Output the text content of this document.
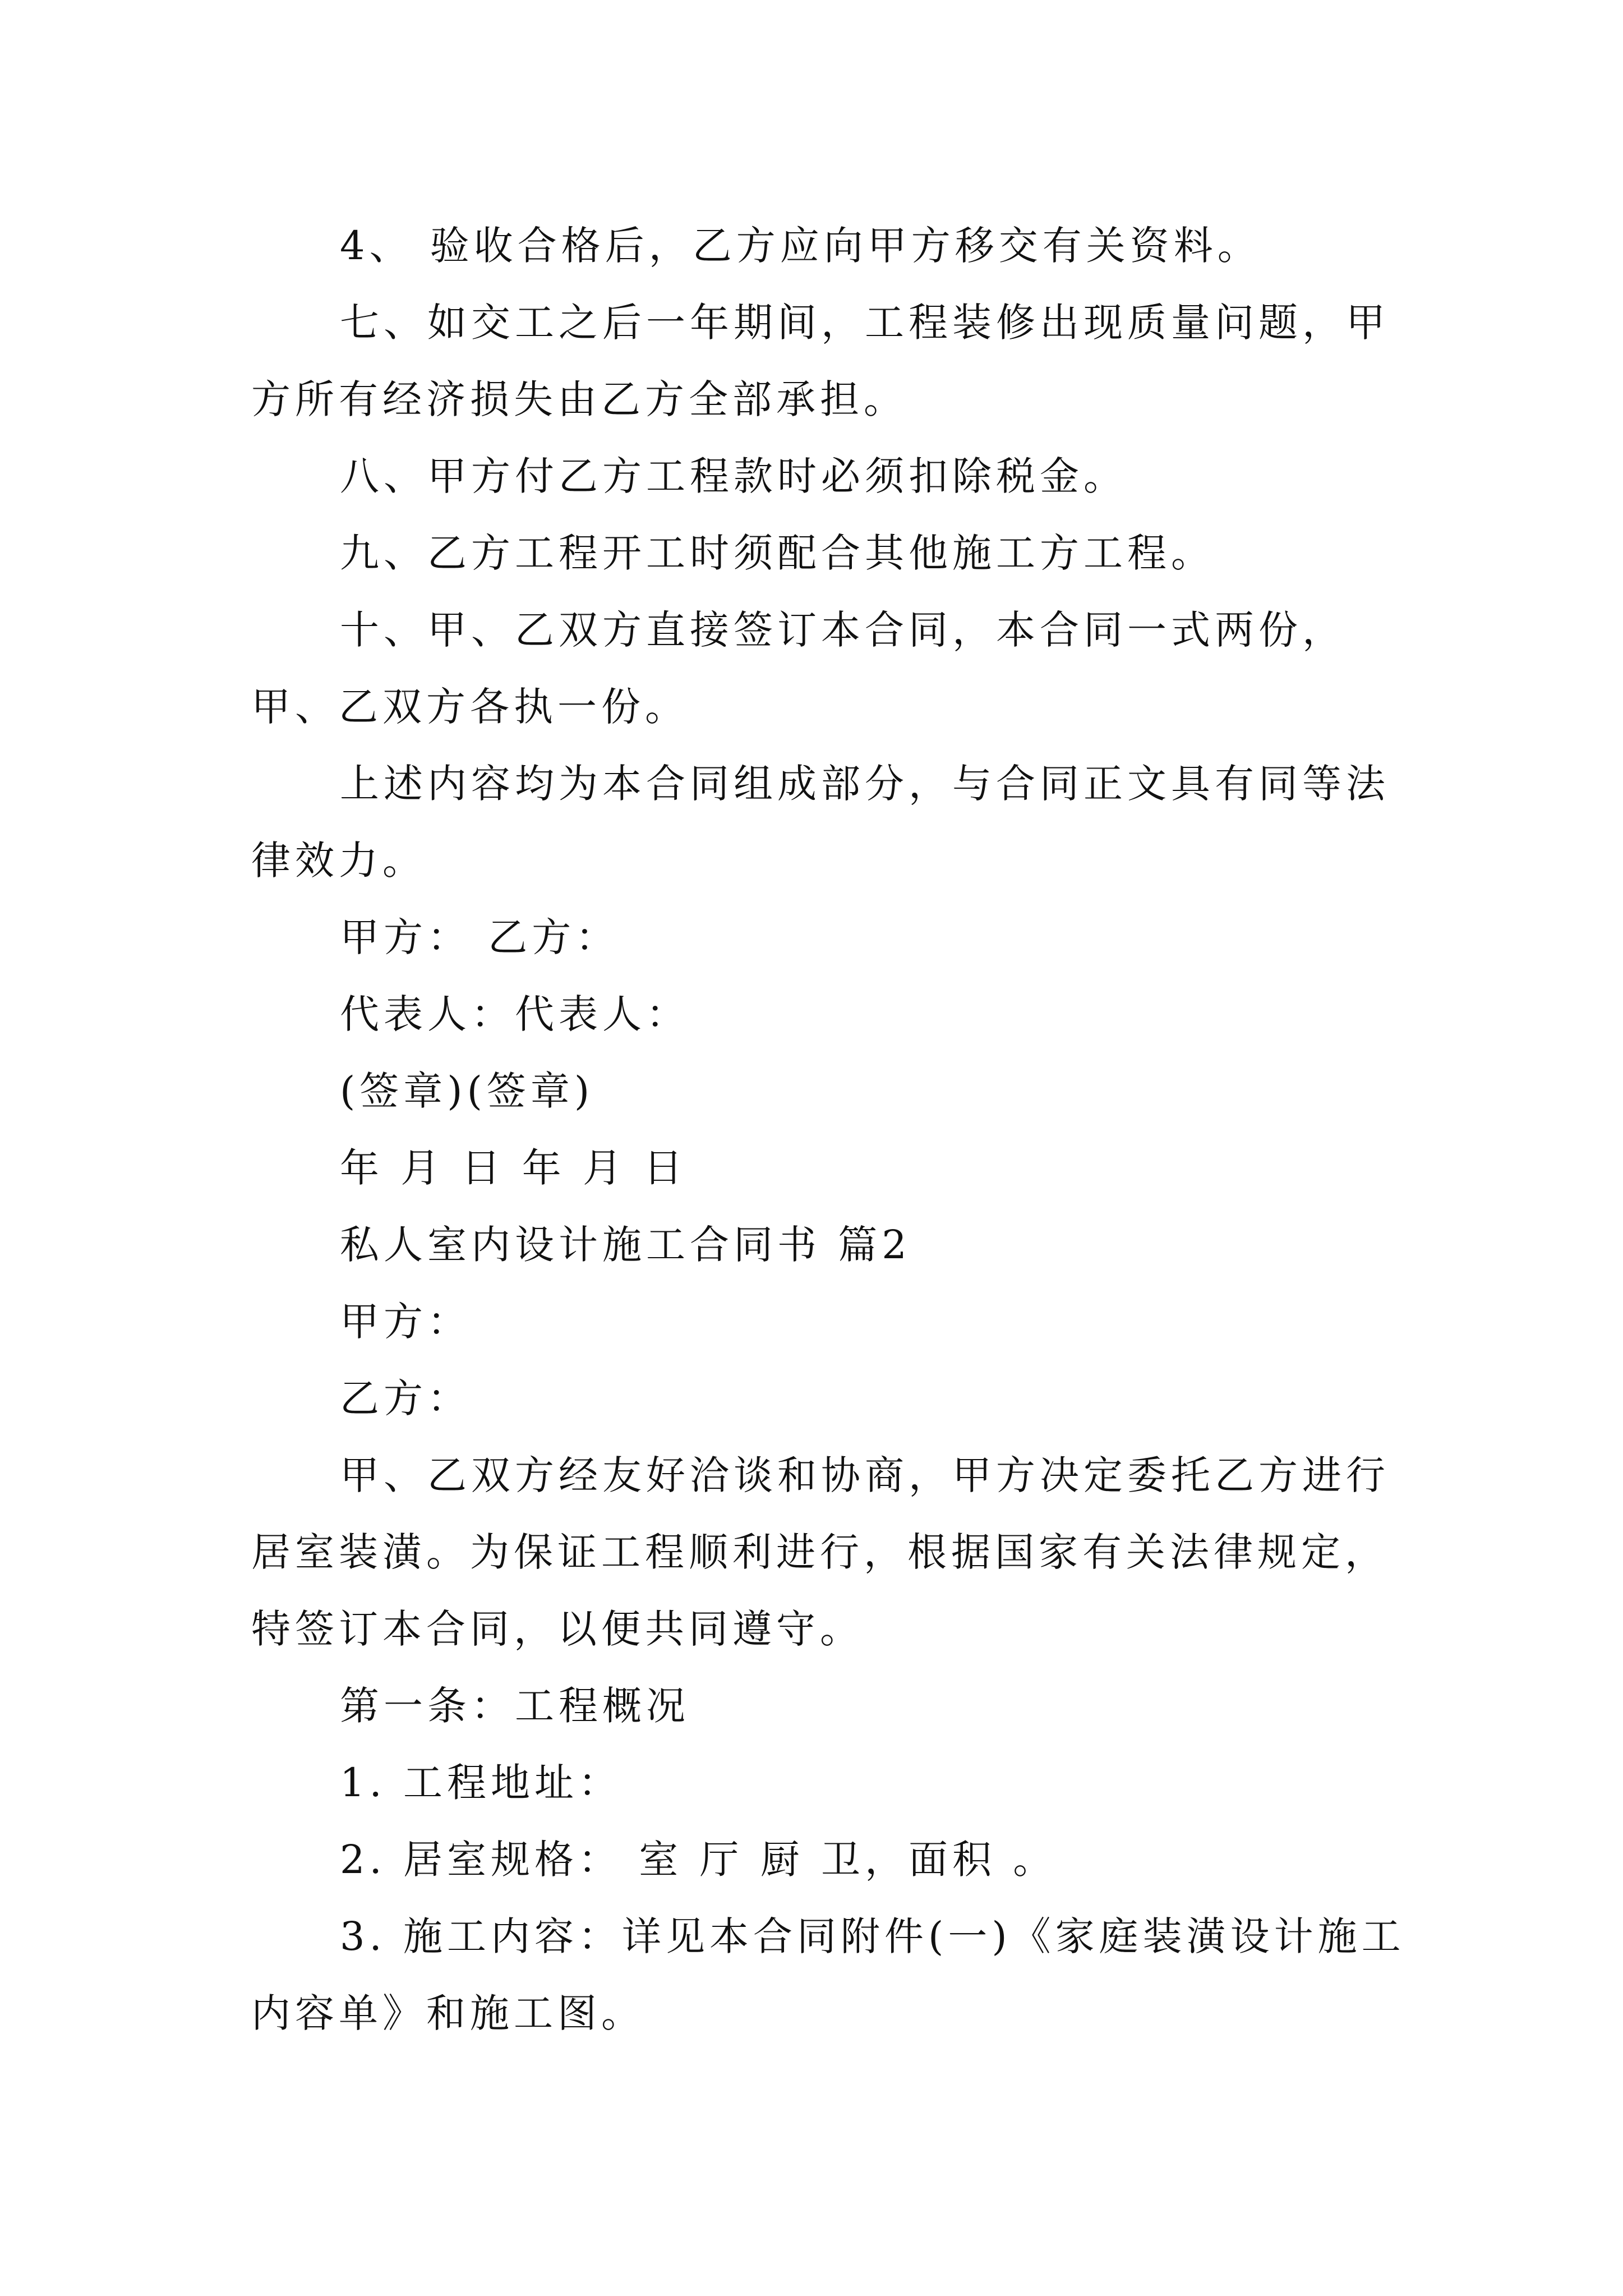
4、 验收合格后，乙方应向甲方移交有关资料。

七、如交工之后一年期间，工程装修出现质量问题，甲方所有经济损失由乙方全部承担。

八、甲方付乙方工程款时必须扣除税金。

九、乙方工程开工时须配合其他施工方工程。

十、甲、乙双方直接签订本合同，本合同一式两份，甲、乙双方各执一份。

上述内容均为本合同组成部分，与合同正文具有同等法律效力。

甲方： 乙方：

代表人：代表人：

(签章)(签章)

年 月 日 年 月 日

私人室内设计施工合同书 篇2

甲方：

乙方：

甲、乙双方经友好洽谈和协商，甲方决定委托乙方进行居室装潢。为保证工程顺利进行，根据国家有关法律规定，特签订本合同，以便共同遵守。

第一条：工程概况

1. 工程地址：

2. 居室规格： 室 厅 厨 卫，面积 。

3. 施工内容：详见本合同附件(一)《家庭装潢设计施工内容单》和施工图。
